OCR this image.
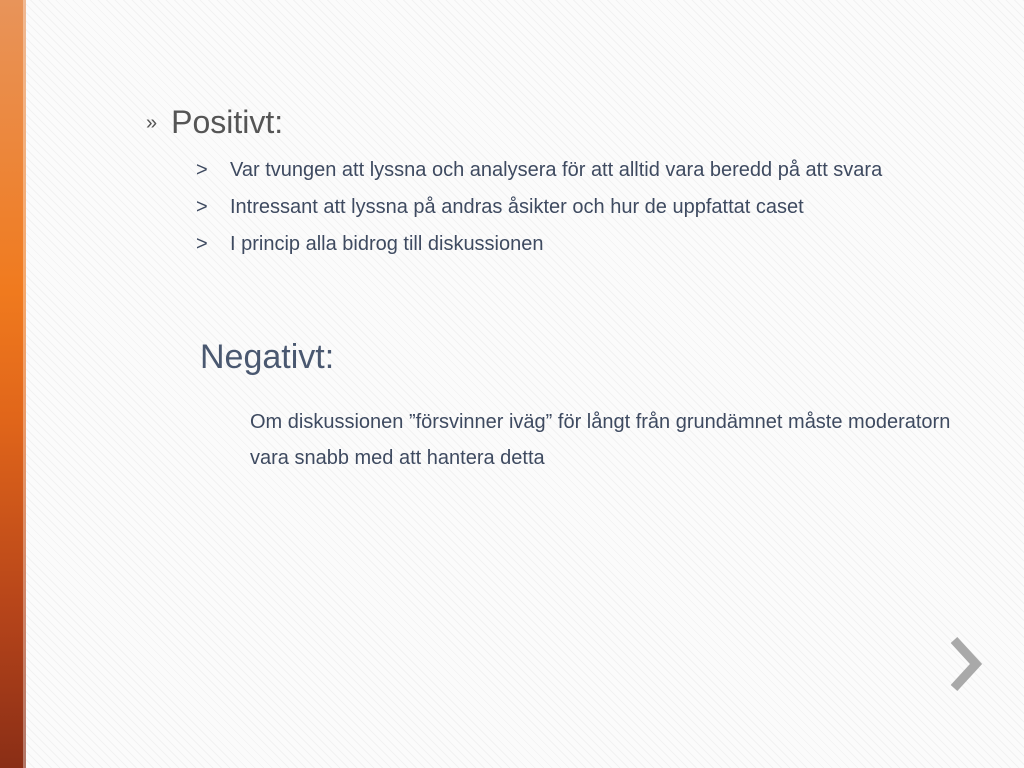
» Positivt:
>	Var tvungen att lyssna och analysera för att alltid vara beredd på att svara
>	Intressant att lyssna på andras åsikter och hur de uppfattat caset
>	I princip alla bidrog till diskussionen
Negativt:
Om diskussionen ”försvinner iväg” för långt från grundämnet måste moderatorn vara snabb med att hantera detta
